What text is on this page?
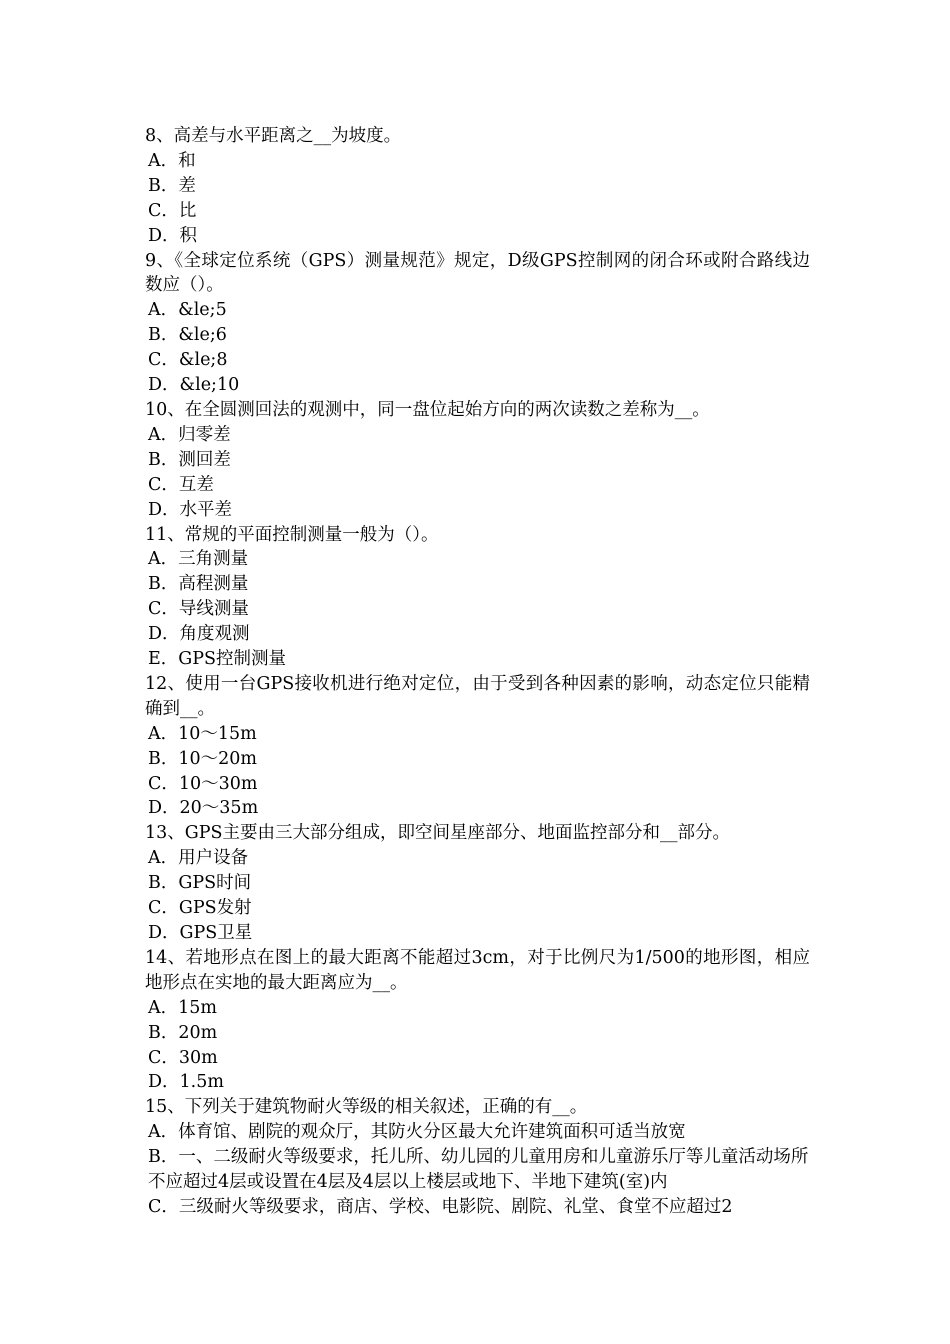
8、高差与水平距离之__为坡度。
A．和
B．差
C．比
D．积
9、《全球定位系统（GPS）测量规范》规定，D级GPS控制网的闭合环或附合路线边数应（）。
A．&le;5
B．&le;6
C．&le;8
D．&le;10
10、在全圆测回法的观测中，同一盘位起始方向的两次读数之差称为__。
A．归零差
B．测回差
C．互差
D．水平差
11、常规的平面控制测量一般为（）。
A．三角测量
B．高程测量
C．导线测量
D．角度观测
E．GPS控制测量
12、使用一台GPS接收机进行绝对定位，由于受到各种因素的影响，动态定位只能精确到__。
A．10～15m
B．10～20m
C．10～30m
D．20～35m
13、GPS主要由三大部分组成，即空间星座部分、地面监控部分和__部分。
A．用户设备
B．GPS时间
C．GPS发射
D．GPS卫星
14、若地形点在图上的最大距离不能超过3cm，对于比例尺为1/500的地形图，相应地形点在实地的最大距离应为__。
A．15m
B．20m
C．30m
D．1.5m
15、下列关于建筑物耐火等级的相关叙述，正确的有__。
A．体育馆、剧院的观众厅，其防火分区最大允许建筑面积可适当放宽
B．一、二级耐火等级要求，托儿所、幼儿园的儿童用房和儿童游乐厅等儿童活动场所不应超过4层或设置在4层及4层以上楼层或地下、半地下建筑(室)内
C．三级耐火等级要求，商店、学校、电影院、剧院、礼堂、食堂不应超过2
